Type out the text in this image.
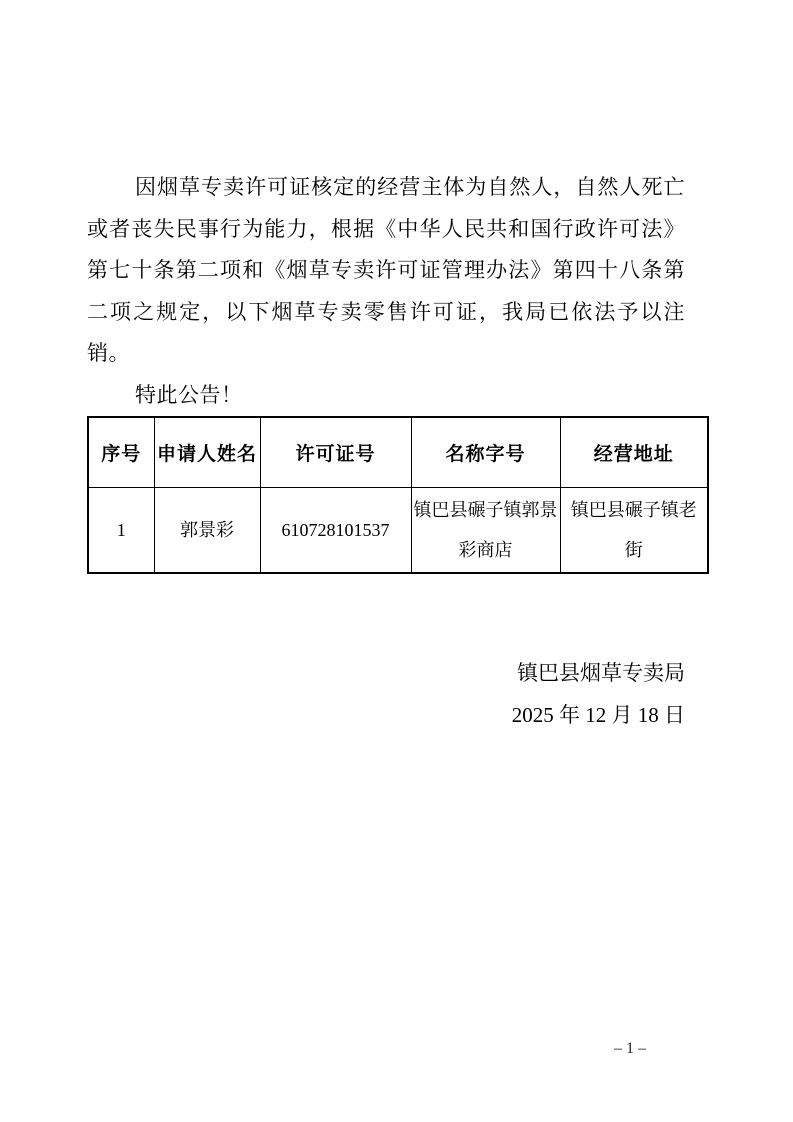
因烟草专卖许可证核定的经营主体为自然人，自然人死亡或者丧失民事行为能力，根据《中华人民共和国行政许可法》第七十条第二项和《烟草专卖许可证管理办法》第四十八条第二项之规定，以下烟草专卖零售许可证，我局已依法予以注销。

特此公告！

序号	申请人姓名	许可证号	名称字号	经营地址
1	郭景彩	610728101537	镇巴县碾子镇郭景彩商店	镇巴县碾子镇老街

镇巴县烟草专卖局

2025 年 12 月 18 日

– 1 –
